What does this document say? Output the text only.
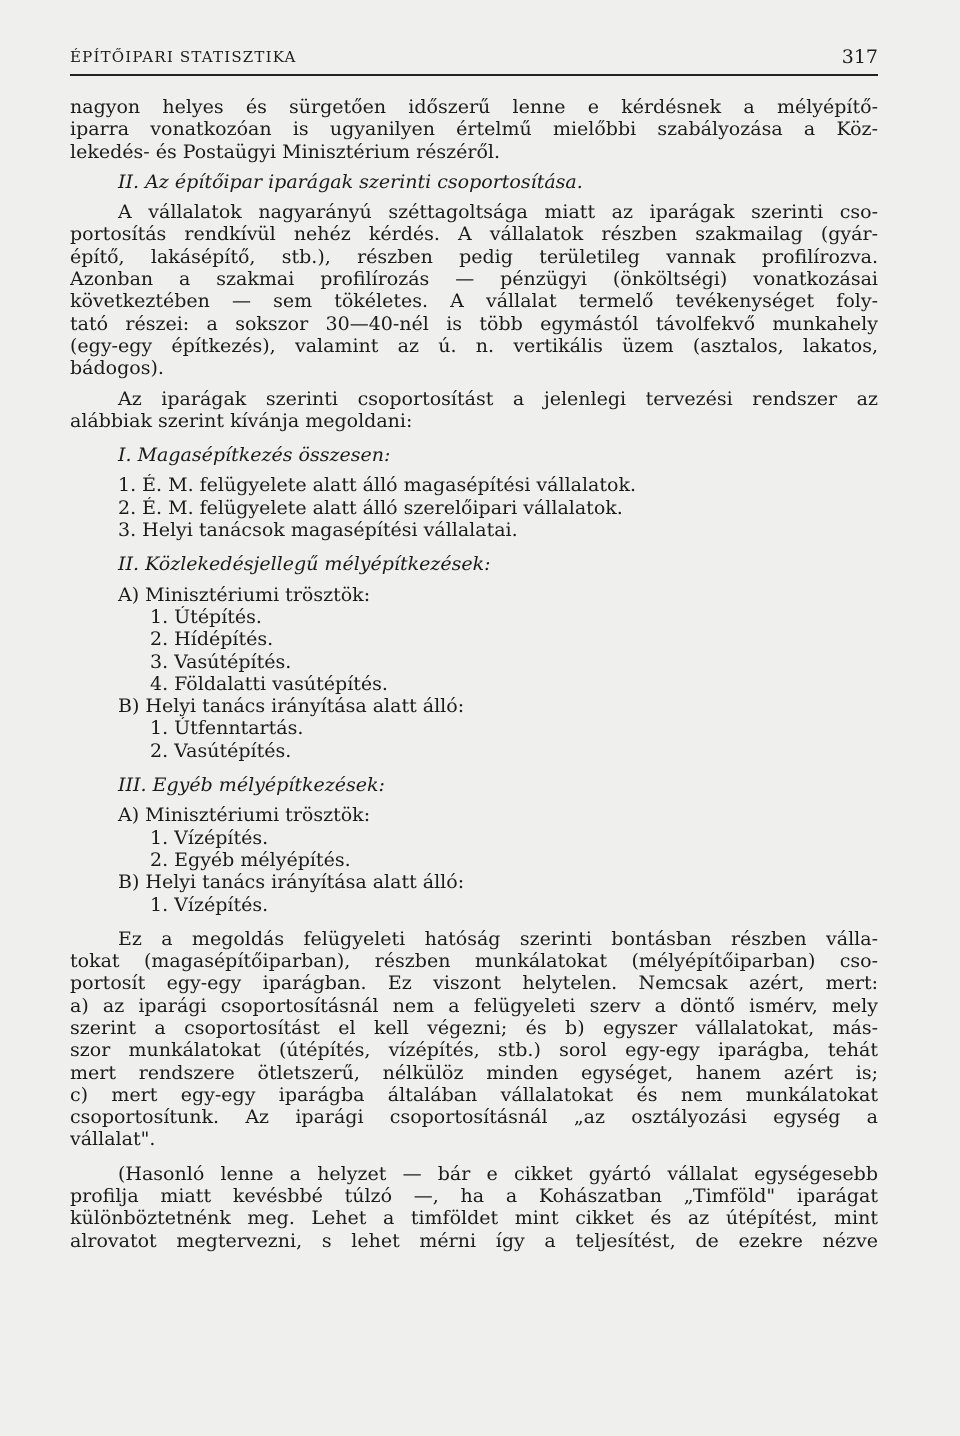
ÉPÍTŐIPARI STATISZTIKA	317
nagyon helyes és sürgetően időszerű lenne e kérdésnek a mélyépítő-
iparra vonatkozóan is ugyanilyen értelmű mielőbbi szabályozása a Köz-
lekedés- és Postaügyi Minisztérium részéről.
II. Az építőipar iparágak szerinti csoportosítása.
A vállalatok nagyarányú széttagoltsága miatt az iparágak szerinti cso-
portosítás rendkívül nehéz kérdés. A vállalatok részben szakmailag (gyár-
építő, lakásépítő, stb.), részben pedig területileg vannak profilírozva.
Azonban a szakmai profilírozás — pénzügyi (önköltségi) vonatkozásai
következtében — sem tökéletes. A vállalat termelő tevékenységet foly-
tató részei: a sokszor 30—40-nél is több egymástól távolfekvő munkahely
(egy-egy építkezés), valamint az ú. n. vertikális üzem (asztalos, lakatos,
bádogos).
Az iparágak szerinti csoportosítást a jelenlegi tervezési rendszer az
alábbiak szerint kívánja megoldani:
I. Magasépítkezés összesen:
1. É. M. felügyelete alatt álló magasépítési vállalatok.
2. É. M. felügyelete alatt álló szerelőipari vállalatok.
3. Helyi tanácsok magasépítési vállalatai.
II. Közlekedésjellegű mélyépítkezések:
A) Minisztériumi trösztök:
1. Útépítés.
2. Hídépítés.
3. Vasútépítés.
4. Földalatti vasútépítés.
B) Helyi tanács irányítása alatt álló:
1. Útfenntartás.
2. Vasútépítés.
III. Egyéb mélyépítkezések:
A) Minisztériumi trösztök:
1. Vízépítés.
2. Egyéb mélyépítés.
B) Helyi tanács irányítása alatt álló:
1. Vízépítés.
Ez a megoldás felügyeleti hatóság szerinti bontásban részben válla-
tokat (magasépítőiparban), részben munkálatokat (mélyépítőiparban) cso-
portosít egy-egy iparágban. Ez viszont helytelen. Nemcsak azért, mert:
a) az iparági csoportosításnál nem a felügyeleti szerv a döntő ismérv, mely
szerint a csoportosítást el kell végezni; és b) egyszer vállalatokat, más-
szor munkálatokat (útépítés, vízépítés, stb.) sorol egy-egy iparágba, tehát
mert rendszere ötletszerű, nélkülöz minden egységet, hanem azért is;
c) mert egy-egy iparágba általában vállalatokat és nem munkálatokat
csoportosítunk. Az iparági csoportosításnál „az osztályozási egység a
vállalat".
(Hasonló lenne a helyzet — bár e cikket gyártó vállalat egységesebb
profilja miatt kevésbbé túlzó —, ha a Kohászatban „Timföld" iparágat
különböztetnénk meg. Lehet a timföldet mint cikket és az útépítést, mint
alrovatot megtervezni, s lehet mérni így a teljesítést, de ezekre nézve
